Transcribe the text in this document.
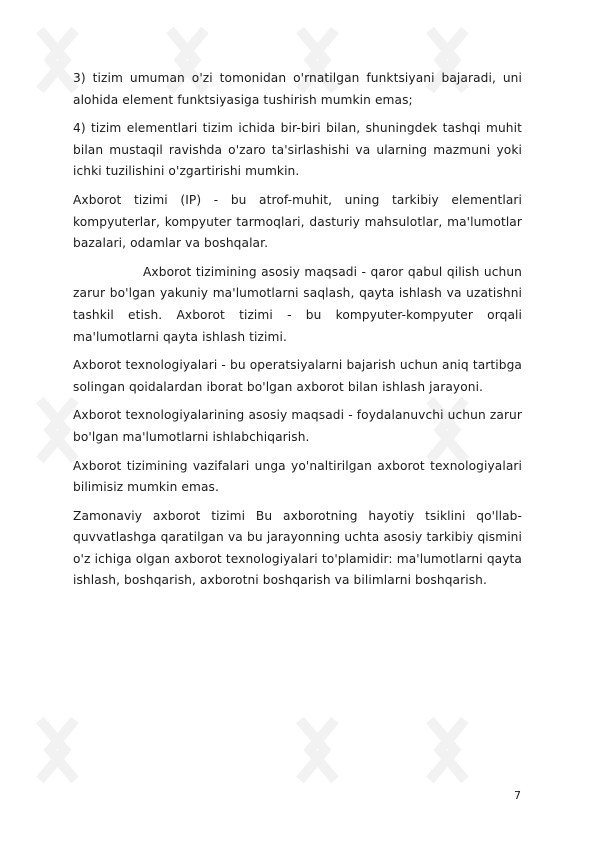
3) tizim umuman o'zi tomonidan o'rnatilgan funktsiyani bajaradi, uni alohida element funktsiyasiga tushirish mumkin emas;

4) tizim elementlari tizim ichida bir-biri bilan, shuningdek tashqi muhit bilan mustaqil ravishda o'zaro ta'sirlashishi va ularning mazmuni yoki ichki tuzilishini o'zgartirishi mumkin.

Axborot tizimi (IP) - bu atrof-muhit, uning tarkibiy elementlari kompyuterlar, kompyuter tarmoqlari, dasturiy mahsulotlar, ma'lumotlar bazalari, odamlar va boshqalar.

Axborot tizimining asosiy maqsadi - qaror qabul qilish uchun zarur bo'lgan yakuniy ma'lumotlarni saqlash, qayta ishlash va uzatishni tashkil etish. Axborot tizimi - bu kompyuter-kompyuter orqali ma'lumotlarni qayta ishlash tizimi.

Axborot texnologiyalari - bu operatsiyalarni bajarish uchun aniq tartibga solingan qoidalardan iborat bo'lgan axborot bilan ishlash jarayoni.

Axborot texnologiyalarining asosiy maqsadi - foydalanuvchi uchun zarur bo'lgan ma'lumotlarni ishlabchiqarish.

Axborot tizimining vazifalari unga yo'naltirilgan axborot texnologiyalari bilimisiz mumkin emas.

Zamonaviy axborot tizimi Bu axborotning hayotiy tsiklini qo'llab-quvvatlashga qaratilgan va bu jarayonning uchta asosiy tarkibiy qismini o'z ichiga olgan axborot texnologiyalari to'plamidir: ma'lumotlarni qayta ishlash, boshqarish, axborotni boshqarish va bilimlarni boshqarish.

7
